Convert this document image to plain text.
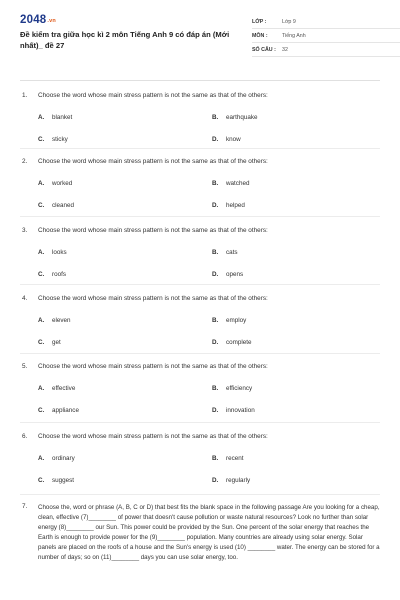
2048.vn
Đề kiểm tra giữa học kì 2 môn Tiếng Anh 9 có đáp án (Mới nhất)_ đề 27
LỚP :	Lớp 9
MÔN :	Tiếng Anh
SỐ CÂU :	32
1.	Choose the word whose main stress pattern is not the same as that of the others:
A.	blanket	B.	earthquake
C.	sticky	D.	know
2.	Choose the word whose main stress pattern is not the same as that of the others:
A.	worked	B.	watched
C.	cleaned	D.	helped
3.	Choose the word whose main stress pattern is not the same as that of the others:
A.	looks	B.	cats
C.	roofs	D.	opens
4.	Choose the word whose main stress pattern is not the same as that of the others:
A.	eleven	B.	employ
C.	get	D.	complete
5.	Choose the word whose main stress pattern is not the same as that of the others:
A.	effective	B.	efficiency
C.	appliance	D.	innovation
6.	Choose the word whose main stress pattern is not the same as that of the others:
A.	ordinary	B.	recent
C.	suggest	D.	regularly
7.	Choose the, word or phrase (A, B, C or D) that best fits the blank space in the following passage Are you looking for a cheap, clean, effective (7)________ of power that doesn't cause pollution or waste natural resources? Look no further than solar energy (8)________ our Sun. This power could be provided by the Sun. One percent of the solar energy that reaches the Earth is enough to provide power for the (9)________ population. Many countries are already using solar energy. Solar panels are placed on the roofs of a house and the Sun's energy is used (10) ________ water. The energy can be stored for a number of days; so on (11)________ days you can use solar energy, too.
